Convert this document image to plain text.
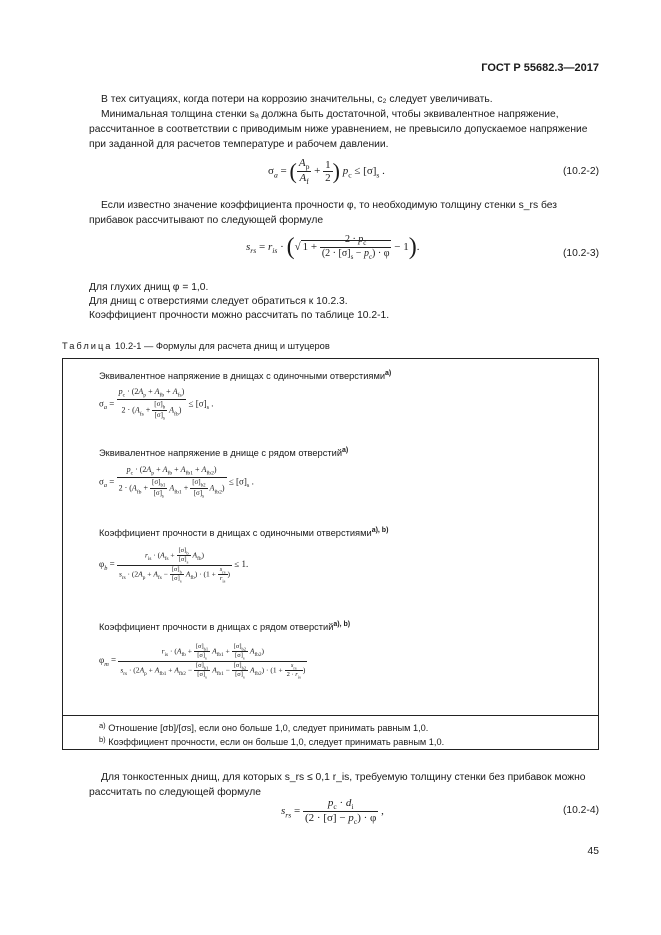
ГОСТ Р 55682.3—2017

В тех ситуациях, когда потери на коррозию значительны, c₂ следует увеличивать.

Минимальная толщина стенки sₐ должна быть достаточной, чтобы эквивалентное напряжение, рассчитанное в соответствии с приводимым ниже уравнением, не превысило допускаемое напряжение при заданной для расчетов температуре и рабочем давлении.

$\sigma_a$ = ( $\frac{A_p}{A_f} + \frac{1}{2}$ ) $p_c \le [\sigma]_s$ .	(10.2-2)

Если известно значение коэффициента прочности φ, то необходимую толщину стенки s_rs без прибавок рассчитывают по следующей формуле

$s_{rs} = r_{is}$ · (√ $1 + \frac{2 \cdot p_c}{(2 \cdot [\sigma]_s - p_c) \cdot \varphi} - 1$).
(10.2-3)
Для глухих днищ φ = 1,0.
Для днищ с отверстиями следует обратиться к 10.2.3.
Коэффициент прочности можно рассчитать по таблице 10.2-1.
Таблица 10.2-1 — Формулы для расчета днищ и штуцеров
Эквивалентное напряжение в днищах с одиночными отверстиями$^{a)}$
$\sigma_a = \frac{p_c \cdot (2A_p + A_{fb} + A_{fs})}{2 \cdot (A_{fs} + \frac{[\sigma]_b}{[\sigma]_s} A_{fb})} \le [\sigma]_s$ .
Эквивалентное напряжение в днище с рядом отверстий$^{a)}$
$\sigma_a = \frac{p_c \cdot (2A_p + A_{fb} + A_{fb1} + A_{fb2})}{2 \cdot (A_{fb} + \frac{[\sigma]_{b1}}{[\sigma]_s} A_{fb1} + \frac{[\sigma]_{b2}}{[\sigma]_s} A_{fb2})} \le [\sigma]_s$ .
Коэффициент прочности в днищах с одиночными отверстиями$^{a), b)}$
$\varphi_b = \frac{r_{is} \cdot (A_{fs} + \frac{[\sigma]_b}{[\sigma]_s} A_{fb})}{s_{rs} \cdot (2A_p + A_{fs} - \frac{[\sigma]_b}{[\sigma]_s} A_{fb}) \cdot (1 + \frac{s_{rs}}{r_{is}} )} \le 1$.
Коэффициент прочности в днищах с рядом отверстий$^{a), b)}$
$\varphi_m$ =
$r_{is} \cdot (A_{fb} + \frac{[\sigma]_{b1}}{[\sigma]_s} A_{fb1} + \frac{[\sigma]_{b2}}{[\sigma]_s} A_{fb2})$
$s_{rs} \cdot (2A_p + A_{fb1} + A_{fb2} - \frac{[\sigma]_{b1}}{[\sigma]_s} A_{fb1} - \frac{[\sigma]_{b2}}{[\sigma]_s} A_{fb2}) \cdot (1 + \frac{s_{rs}}{2 \cdot r_{is}}$ )
$^{a)}$ Отношение [σb]/[σs], если оно больше 1,0, следует принимать равным 1,0.
$^{b)}$ Коэффициент прочности, если он больше 1,0, следует принимать равным 1,0.

Для тонкостенных днищ, для которых s_rs ≤ 0,1 r_is, требуемую толщину стенки без прибавок можно рассчитать по следующей формуле

$s_{rs} = \frac{p_c \cdot d_i}{(2 \cdot [\sigma] - p_c) \cdot \varphi}$ ,	(10.2-4)
45
